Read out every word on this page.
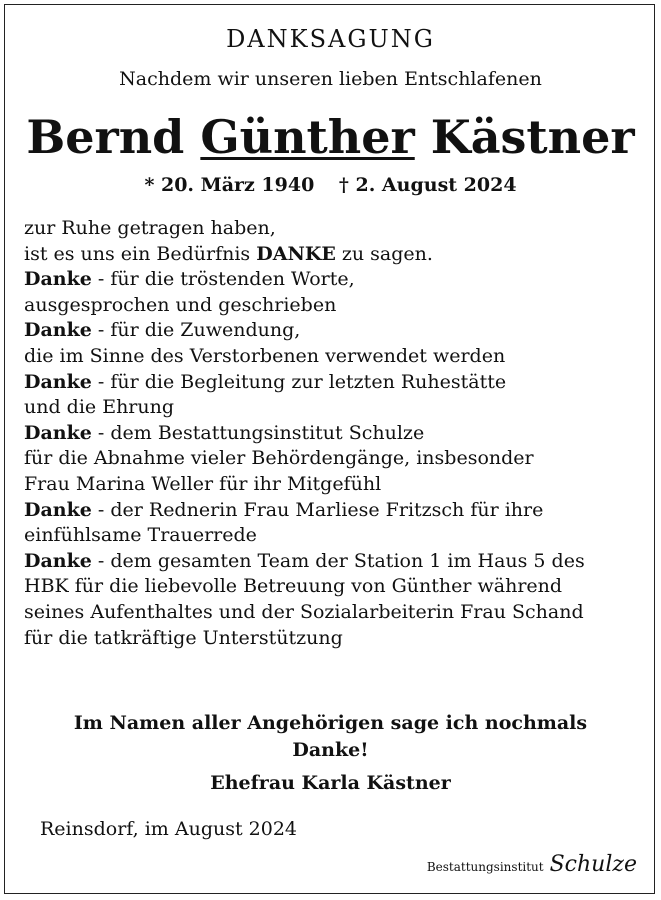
DANKSAGUNG
Nachdem wir unseren lieben Entschlafenen
Bernd Günther Kästner
* 20. März 1940 † 2. August 2024
zur Ruhe getragen haben,
ist es uns ein Bedürfnis DANKE zu sagen.
Danke - für die tröstenden Worte,
ausgesprochen und geschrieben
Danke - für die Zuwendung,
die im Sinne des Verstorbenen verwendet werden
Danke - für die Begleitung zur letzten Ruhestätte
und die Ehrung
Danke - dem Bestattungsinstitut Schulze
für die Abnahme vieler Behördengänge, insbesonder
Frau Marina Weller für ihr Mitgefühl
Danke - der Rednerin Frau Marliese Fritzsch für ihre
einfühlsame Trauerrede
Danke - dem gesamten Team der Station 1 im Haus 5 des
HBK für die liebevolle Betreuung von Günther während
seines Aufenthaltes und der Sozialarbeiterin Frau Schand
für die tatkräftige Unterstützung
Im Namen aller Angehörigen sage ich nochmals
Danke!
Ehefrau Karla Kästner
Reinsdorf, im August 2024
Bestattungsinstitut Schulze
